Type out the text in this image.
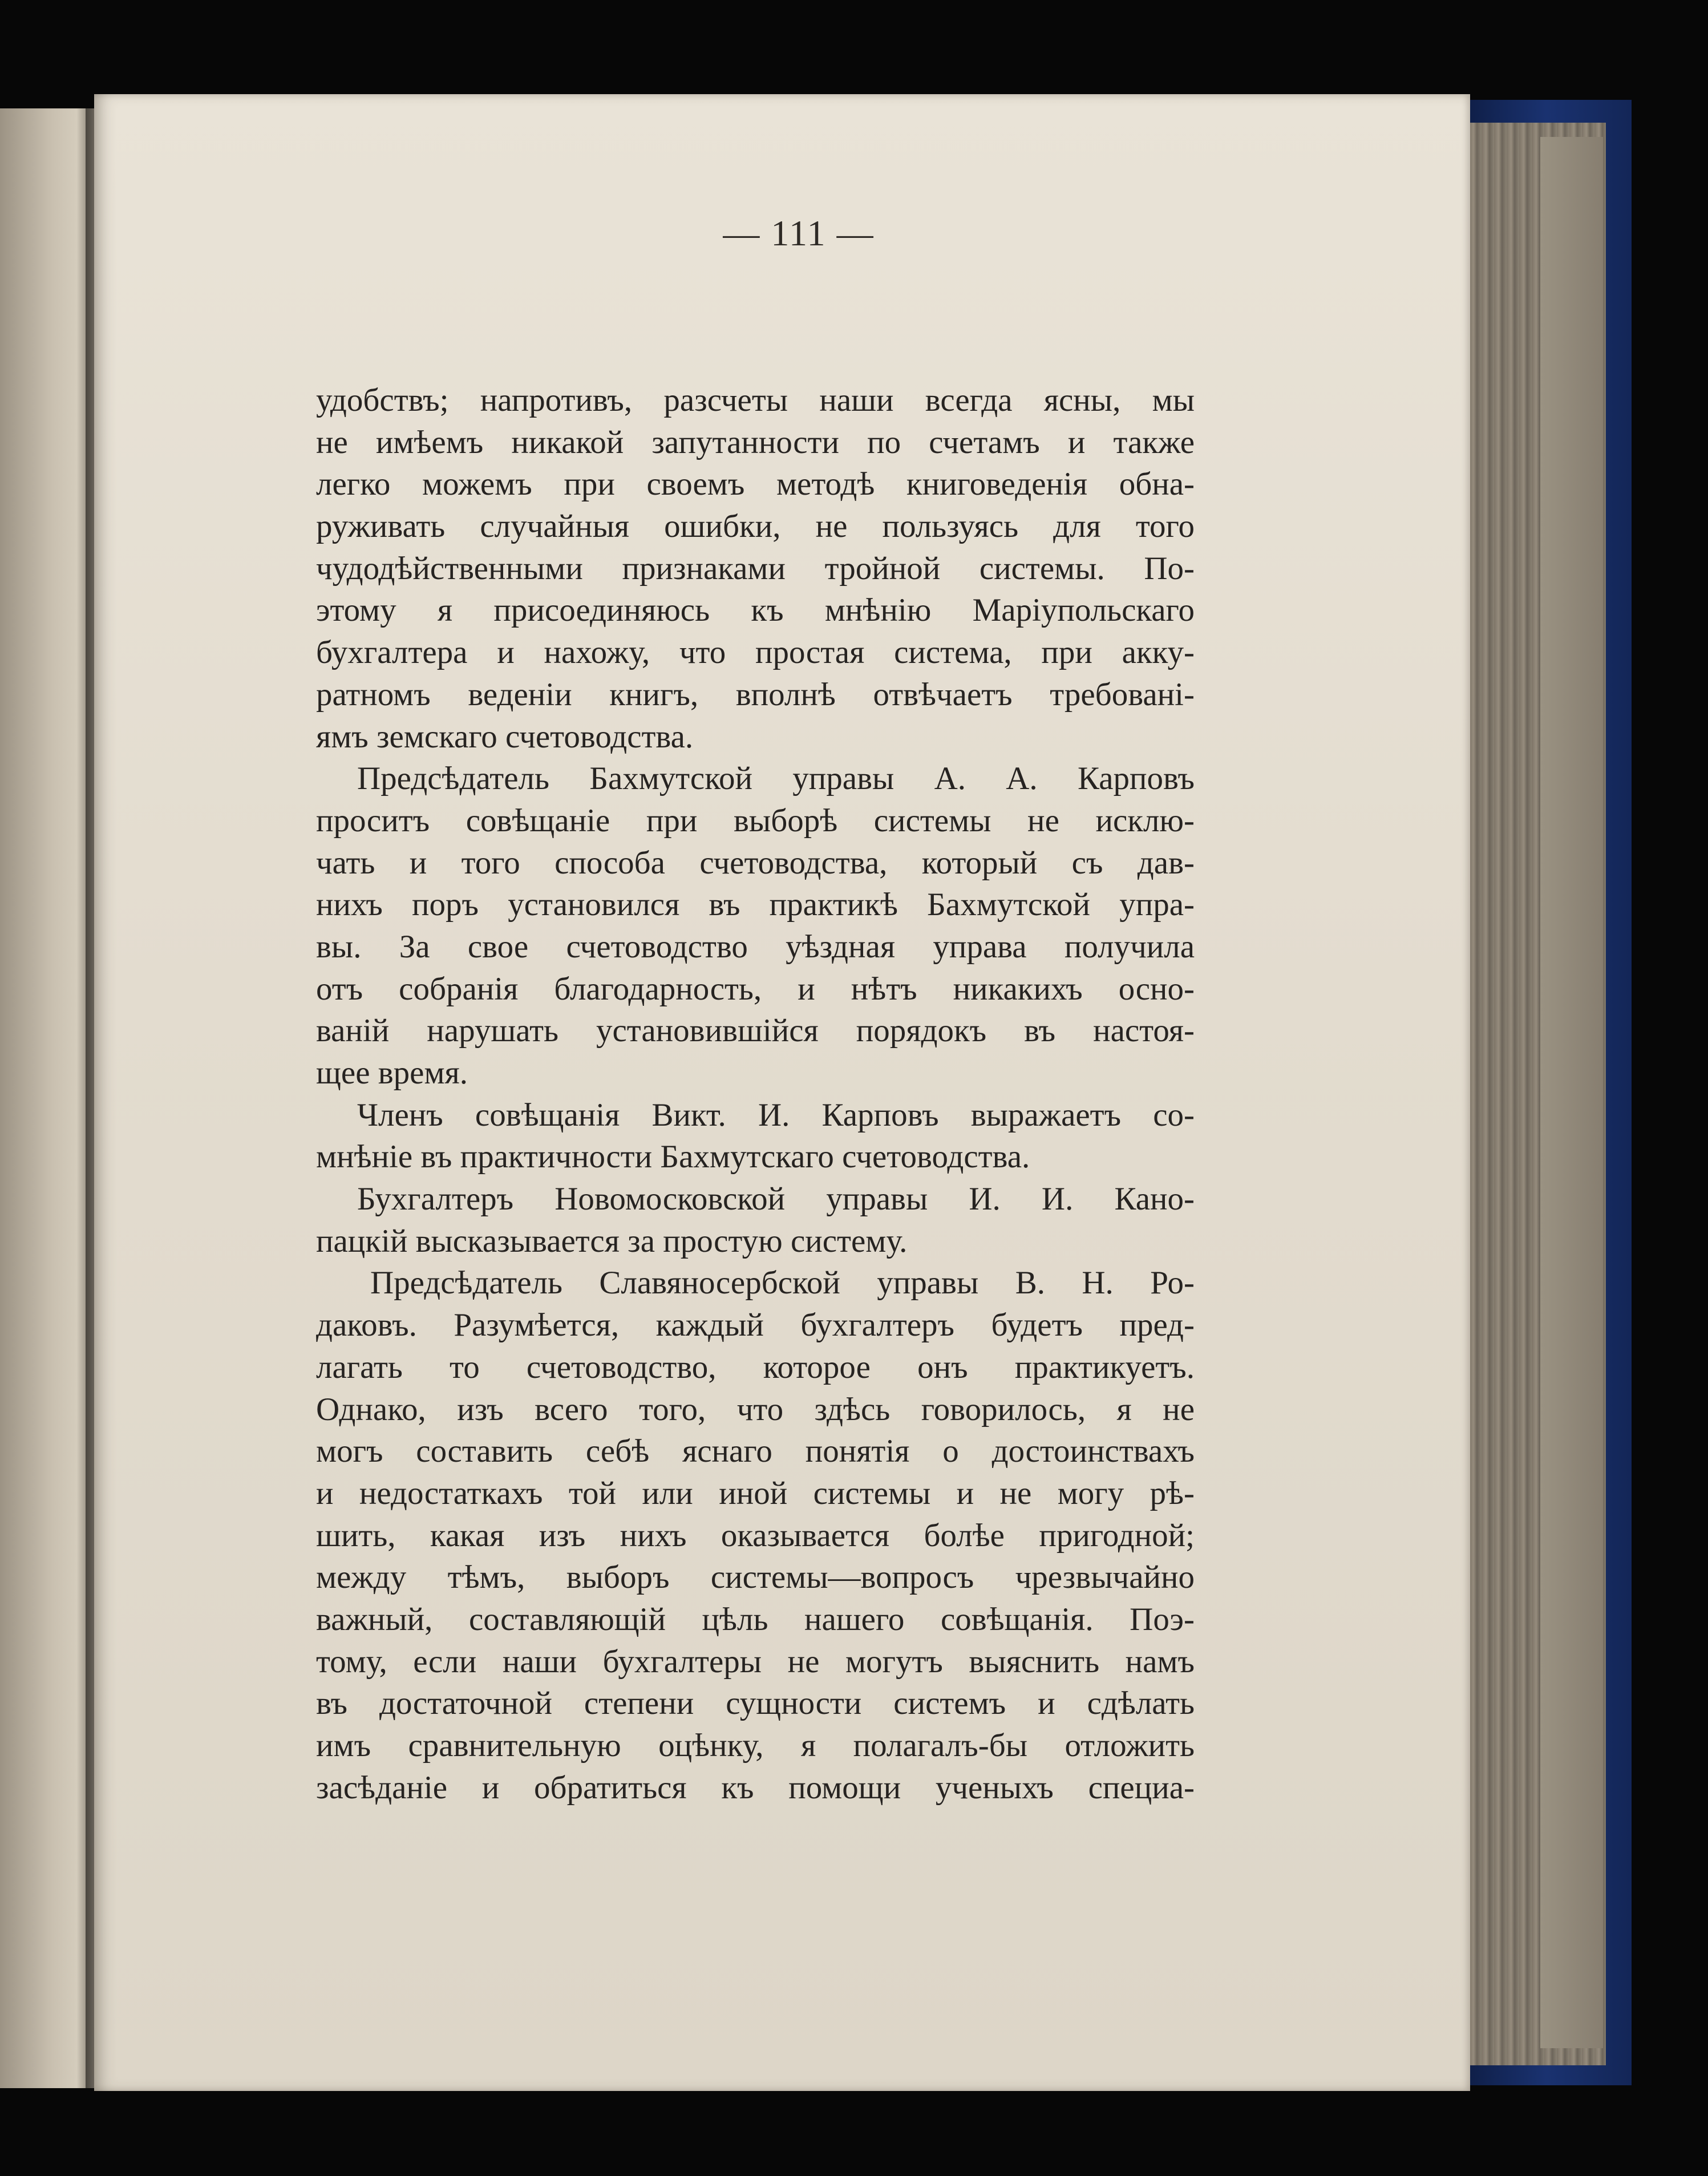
— 111 —
удобствъ; напротивъ, разсчеты наши всегда ясны, мы
не имѣемъ никакой запутанности по счетамъ и также
легко можемъ при своемъ методѣ книговеденія обна-
руживать случайныя ошибки, не пользуясь для того
чудодѣйственными признаками тройной системы. По-
этому я присоединяюсь къ мнѣнію Маріупольскаго
бухгалтера и нахожу, что простая система, при акку-
ратномъ веденіи книгъ, вполнѣ отвѣчаетъ требовані-
ямъ земскаго счетоводства.
Предсѣдатель Бахмутской управы А. А. Карповъ
проситъ совѣщаніе при выборѣ системы не исклю-
чать и того способа счетоводства, который съ дав-
нихъ поръ установился въ практикѣ Бахмутской упра-
вы. За свое счетоводство уѣздная управа получила
отъ собранія благодарность, и нѣтъ никакихъ осно-
ваній нарушать установившійся порядокъ въ настоя-
щее время.
Членъ совѣщанія Викт. И. Карповъ выражаетъ со-
мнѣніе въ практичности Бахмутскаго счетоводства.
Бухгалтеръ Новомосковской управы И. И. Кано-
пацкій высказывается за простую систему.
Предсѣдатель Славяносербской управы В. Н. Ро-
даковъ. Разумѣется, каждый бухгалтеръ будетъ пред-
лагать то счетоводство, которое онъ практикуетъ.
Однако, изъ всего того, что здѣсь говорилось, я не
могъ составить себѣ яснаго понятія о достоинствахъ
и недостаткахъ той или иной системы и не могу рѣ-
шить, какая изъ нихъ оказывается болѣе пригодной;
между тѣмъ, выборъ системы—вопросъ чрезвычайно
важный, составляющій цѣль нашего совѣщанія. Поэ-
тому, если наши бухгалтеры не могутъ выяснить намъ
въ достаточной степени сущности системъ и сдѣлать
имъ сравнительную оцѣнку, я полагалъ-бы отложить
засѣданіе и обратиться къ помощи ученыхъ специа-
